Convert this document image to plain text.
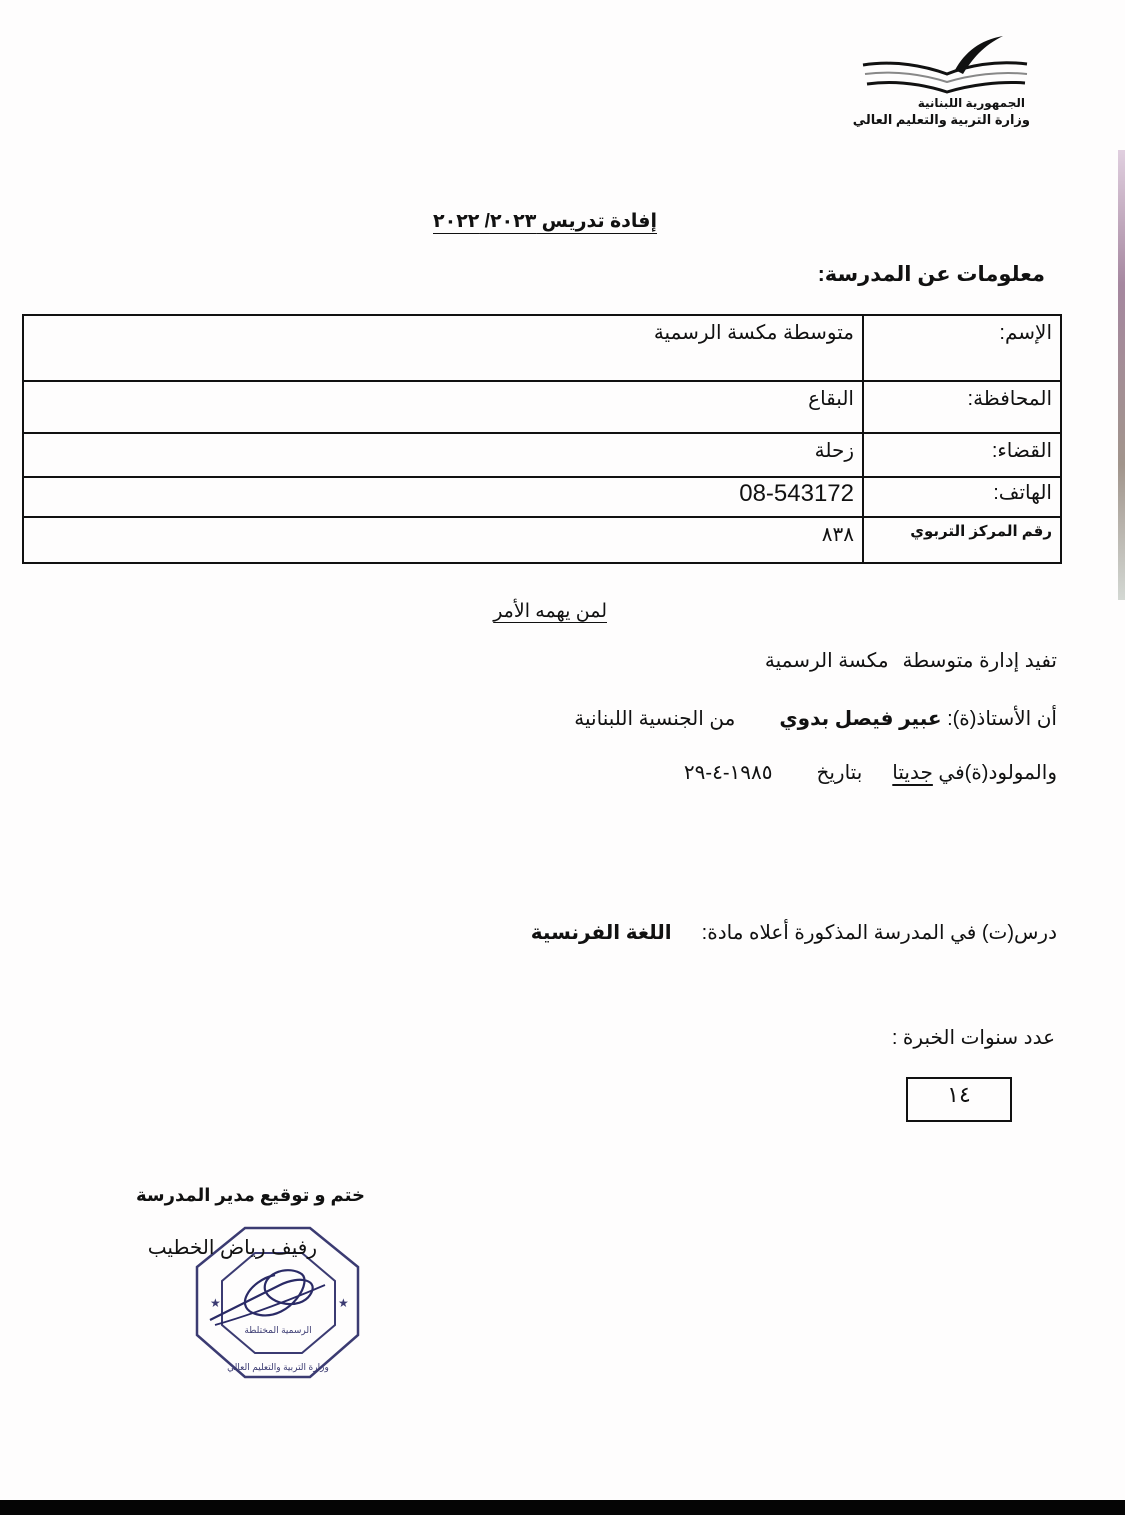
الجمهورية اللبنانية
وزارة التربية والتعليم العالي
إفادة تدريس ٢٠٢٣/ ٢٠٢٢
معلومات عن المدرسة:
الإسم:	متوسطة مكسة الرسمية
المحافظة:	البقاع
القضاء:	زحلة
الهاتف:	08-543172
رقم المركز التربوي	٨٣٨
لمن يهمه الأمر
تفيد إدارة متوسطةمكسة الرسمية
أن الأستاذ(ة): عبير فيصل بدويمن الجنسية اللبنانية
والمولود(ة)في جديتابتاريخ١٩٨٥-٤-٢٩
درس(ت) في المدرسة المذكورة أعلاه مادة:اللغة الفرنسية
عدد سنوات الخبرة :
١٤
ختم و توقيع مدير المدرسة
★	★
الرسمية المختلطة
وزارة التربية والتعليم العالي
رفيف رياض الخطيب
